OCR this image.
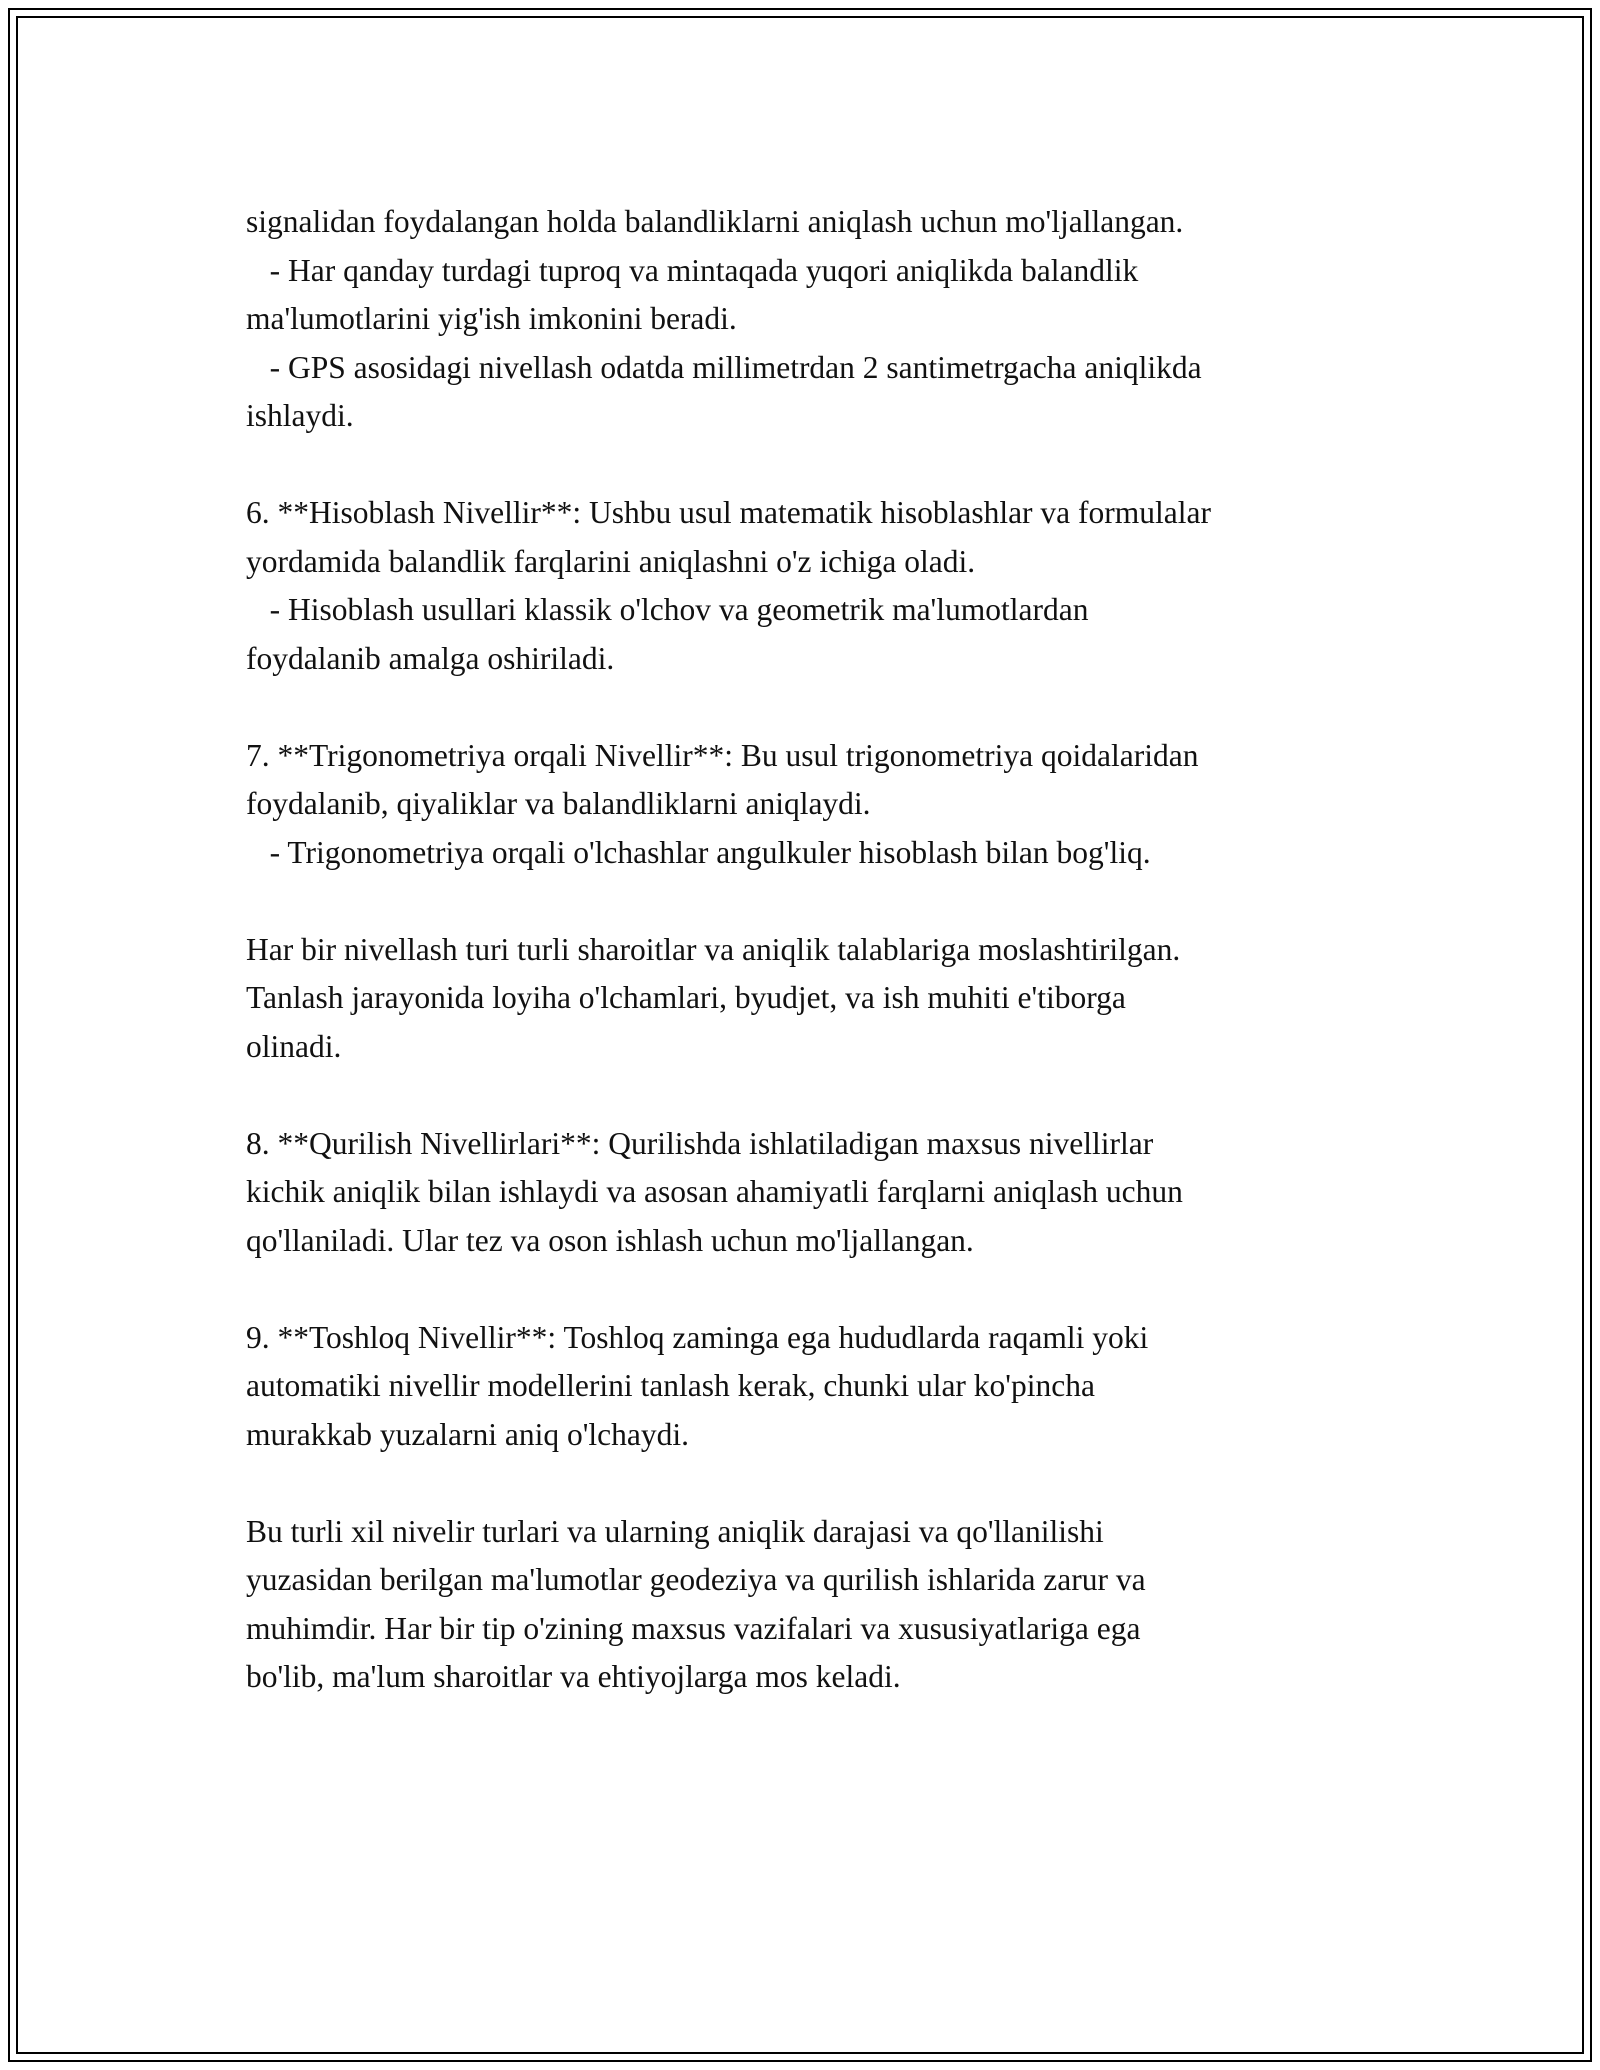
signalidan foydalangan holda balandliklarni aniqlash uchun mo'ljallangan.
- Har qanday turdagi tuproq va mintaqada yuqori aniqlikda balandlik
ma'lumotlarini yig'ish imkonini beradi.
- GPS asosidagi nivellash odatda millimetrdan 2 santimetrgacha aniqlikda
ishlaydi.
6. **Hisoblash Nivellir**: Ushbu usul matematik hisoblashlar va formulalar
yordamida balandlik farqlarini aniqlashni o'z ichiga oladi.
- Hisoblash usullari klassik o'lchov va geometrik ma'lumotlardan
foydalanib amalga oshiriladi.
7. **Trigonometriya orqali Nivellir**: Bu usul trigonometriya qoidalaridan
foydalanib, qiyaliklar va balandliklarni aniqlaydi.
- Trigonometriya orqali o'lchashlar angulkuler hisoblash bilan bog'liq.
Har bir nivellash turi turli sharoitlar va aniqlik talablariga moslashtirilgan.
Tanlash jarayonida loyiha o'lchamlari, byudjet, va ish muhiti e'tiborga
olinadi.
8. **Qurilish Nivellirlari**: Qurilishda ishlatiladigan maxsus nivellirlar
kichik aniqlik bilan ishlaydi va asosan ahamiyatli farqlarni aniqlash uchun
qo'llaniladi. Ular tez va oson ishlash uchun mo'ljallangan.
9. **Toshloq Nivellir**: Toshloq zaminga ega hududlarda raqamli yoki
automatiki nivellir modellerini tanlash kerak, chunki ular ko'pincha
murakkab yuzalarni aniq o'lchaydi.
Bu turli xil nivelir turlari va ularning aniqlik darajasi va qo'llanilishi
yuzasidan berilgan ma'lumotlar geodeziya va qurilish ishlarida zarur va
muhimdir. Har bir tip o'zining maxsus vazifalari va xususiyatlariga ega
bo'lib, ma'lum sharoitlar va ehtiyojlarga mos keladi.
